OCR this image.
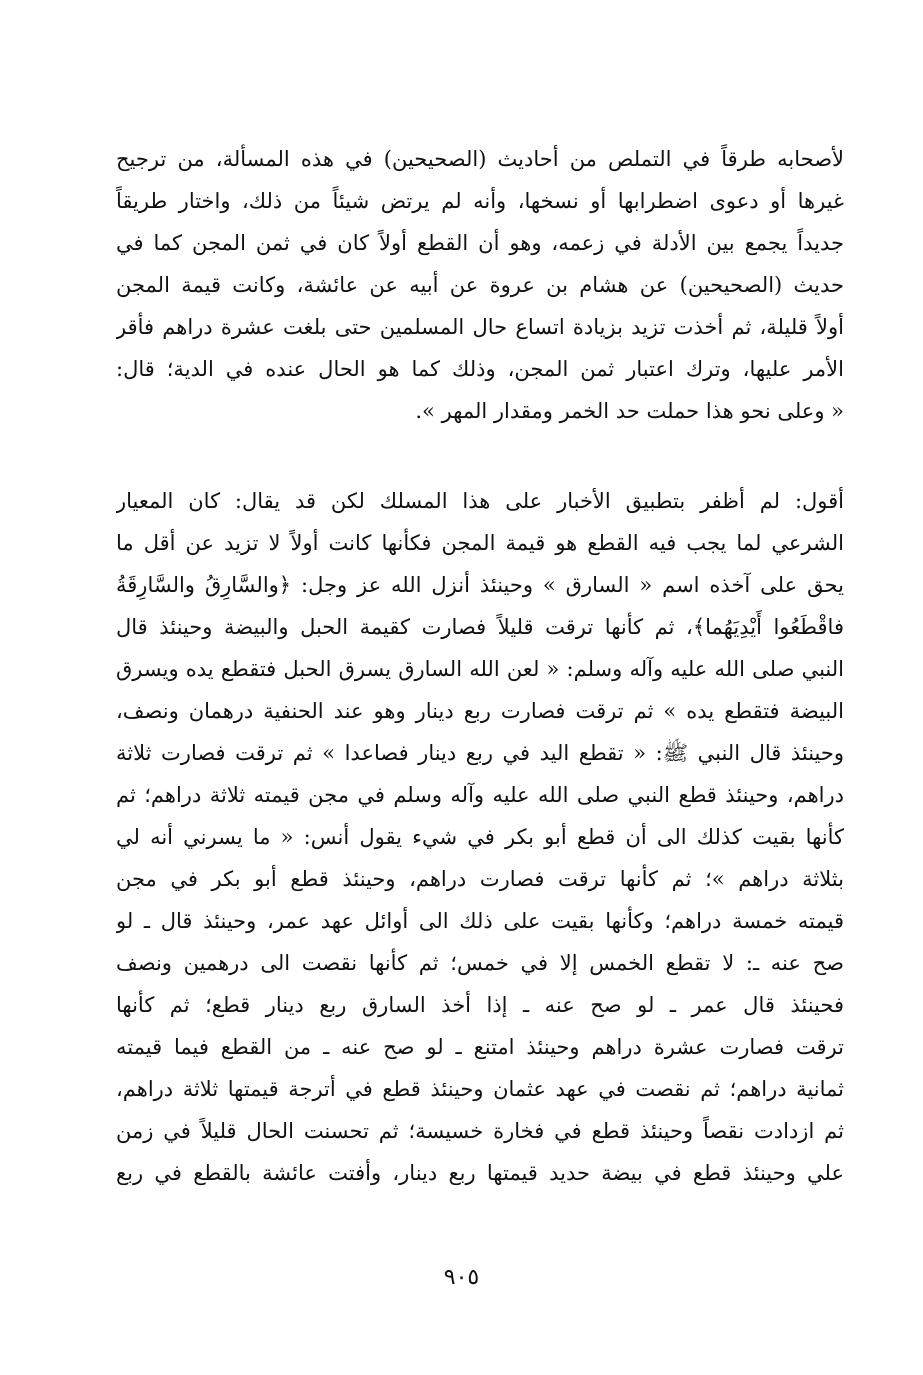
لأصحابه طرقاً في التملص من أحاديث (الصحيحين) في هذه المسألة، من ترجيح
غيرها أو دعوى اضطرابها أو نسخها، وأنه لم يرتض شيئاً من ذلك، واختار طريقاً
جديداً يجمع بين الأدلة في زعمه، وهو أن القطع أولاً كان في ثمن المجن كما في
حديث (الصحيحين) عن هشام بن عروة عن أبيه عن عائشة، وكانت قيمة المجن
أولاً قليلة، ثم أخذت تزيد بزيادة اتساع حال المسلمين حتى بلغت عشرة دراهم فأقر
الأمر عليها، وترك اعتبار ثمن المجن، وذلك كما هو الحال عنده في الدية؛ قال:
« وعلى نحو هذا حملت حد الخمر ومقدار المهر ».
أقول: لم أظفر بتطبيق الأخبار على هذا المسلك لكن قد يقال: كان المعيار
الشرعي لما يجب فيه القطع هو قيمة المجن فكأنها كانت أولاً لا تزيد عن أقل ما
يحق على آخذه اسم « السارق » وحينئذ أنزل الله عز وجل: ﴿والسَّارِقُ والسَّارِقَةُ
فاقْطَعُوا أَيْدِيَهُما﴾، ثم كأنها ترقت قليلاً فصارت كقيمة الحبل والبيضة وحينئذ قال
النبي صلى الله عليه وآله وسلم: « لعن الله السارق يسرق الحبل فتقطع يده ويسرق
البيضة فتقطع يده » ثم ترقت فصارت ربع دينار وهو عند الحنفية درهمان ونصف،
وحينئذ قال النبي ﷺ: « تقطع اليد في ربع دينار فصاعدا » ثم ترقت فصارت ثلاثة
دراهم، وحينئذ قطع النبي صلى الله عليه وآله وسلم في مجن قيمته ثلاثة دراهم؛ ثم
كأنها بقيت كذلك الى أن قطع أبو بكر في شيء يقول أنس: « ما يسرني أنه لي
بثلاثة دراهم »؛ ثم كأنها ترقت فصارت دراهم، وحينئذ قطع أبو بكر في مجن
قيمته خمسة دراهم؛ وكأنها بقيت على ذلك الى أوائل عهد عمر، وحينئذ قال ـ لو
صح عنه ـ: لا تقطع الخمس إلا في خمس؛ ثم كأنها نقصت الى درهمين ونصف
فحينئذ قال عمر ـ لو صح عنه ـ إذا أخذ السارق ربع دينار قطع؛ ثم كأنها
ترقت فصارت عشرة دراهم وحينئذ امتنع ـ لو صح عنه ـ من القطع فيما قيمته
ثمانية دراهم؛ ثم نقصت في عهد عثمان وحينئذ قطع في أترجة قيمتها ثلاثة دراهم،
ثم ازدادت نقصاً وحينئذ قطع في فخارة خسيسة؛ ثم تحسنت الحال قليلاً في زمن
علي وحينئذ قطع في بيضة حديد قيمتها ربع دينار، وأفتت عائشة بالقطع في ربع
٩٠٥
